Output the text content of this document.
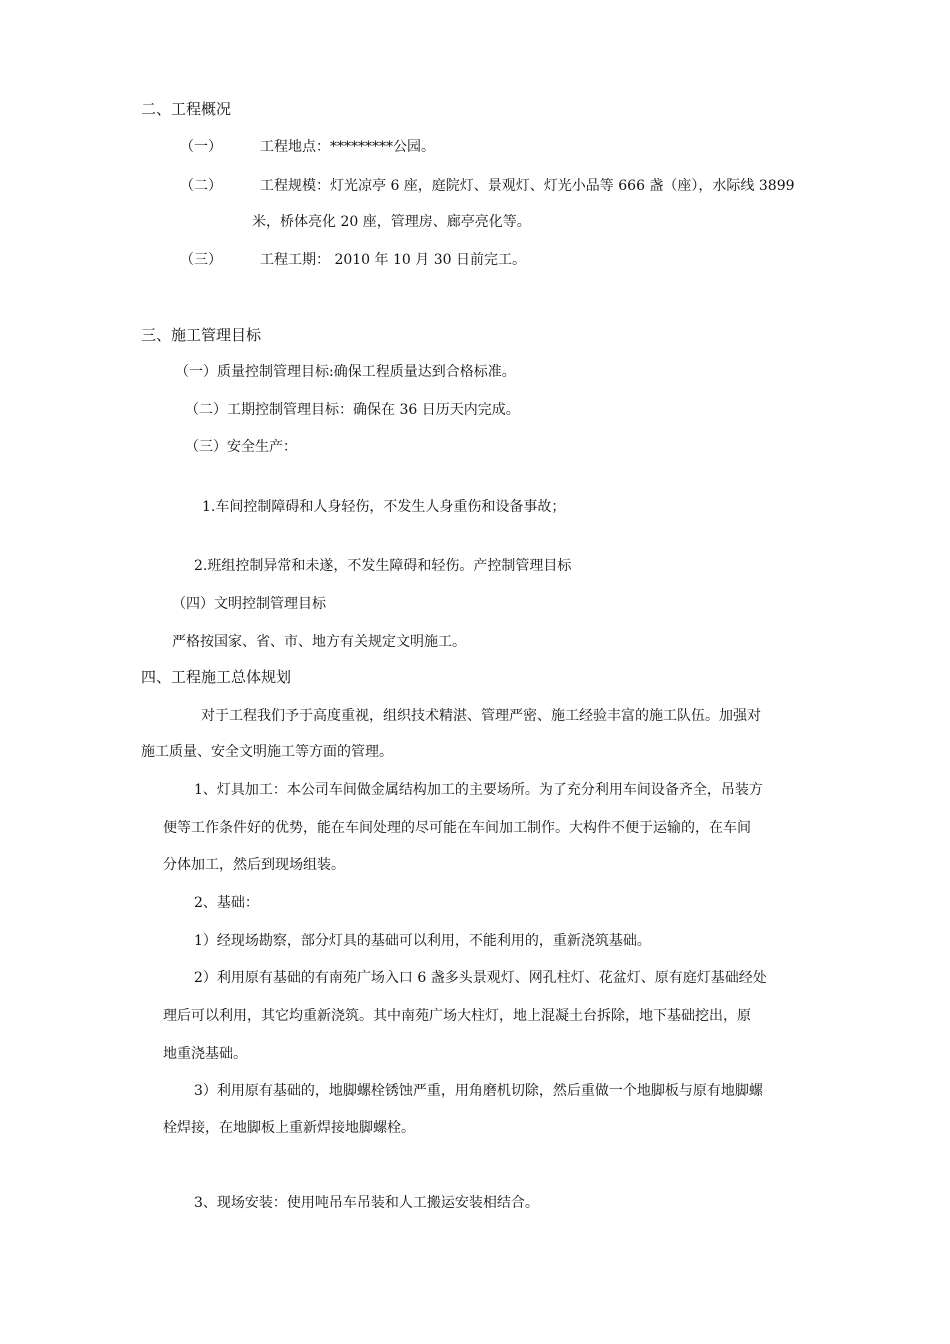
二、工程概况
（一）	工程地点：*********公园。
（二）	工程规模：灯光凉亭 6 座，庭院灯、景观灯、灯光小品等 666 盏（座），水际线 3899
米，桥体亮化 20 座，管理房、廊亭亮化等。
（三）	工程工期： 2010 年 10 月 30 日前完工。
三、施工管理目标
（一）质量控制管理目标:确保工程质量达到合格标准。
（二）工期控制管理目标：确保在 36 日历天内完成。
（三）安全生产：
1.车间控制障碍和人身轻伤，不发生人身重伤和设备事故；
2.班组控制异常和未遂，不发生障碍和轻伤。产控制管理目标
（四）文明控制管理目标
严格按国家、省、市、地方有关规定文明施工。
四、工程施工总体规划
对于工程我们予于高度重视，组织技术精湛、管理严密、施工经验丰富的施工队伍。加强对
施工质量、安全文明施工等方面的管理。
1、灯具加工：本公司车间做金属结构加工的主要场所。为了充分利用车间设备齐全，吊装方
便等工作条件好的优势，能在车间处理的尽可能在车间加工制作。大构件不便于运输的，在车间
分体加工，然后到现场组装。
2、基础：
1）经现场勘察，部分灯具的基础可以利用，不能利用的，重新浇筑基础。
2）利用原有基础的有南苑广场入口 6 盏多头景观灯、网孔柱灯、花盆灯、原有庭灯基础经处
理后可以利用，其它均重新浇筑。其中南苑广场大柱灯，地上混凝土台拆除，地下基础挖出，原
地重浇基础。
3）利用原有基础的，地脚螺栓锈蚀严重，用角磨机切除，然后重做一个地脚板与原有地脚螺
栓焊接，在地脚板上重新焊接地脚螺栓。
3、现场安装：使用吨吊车吊装和人工搬运安装相结合。
